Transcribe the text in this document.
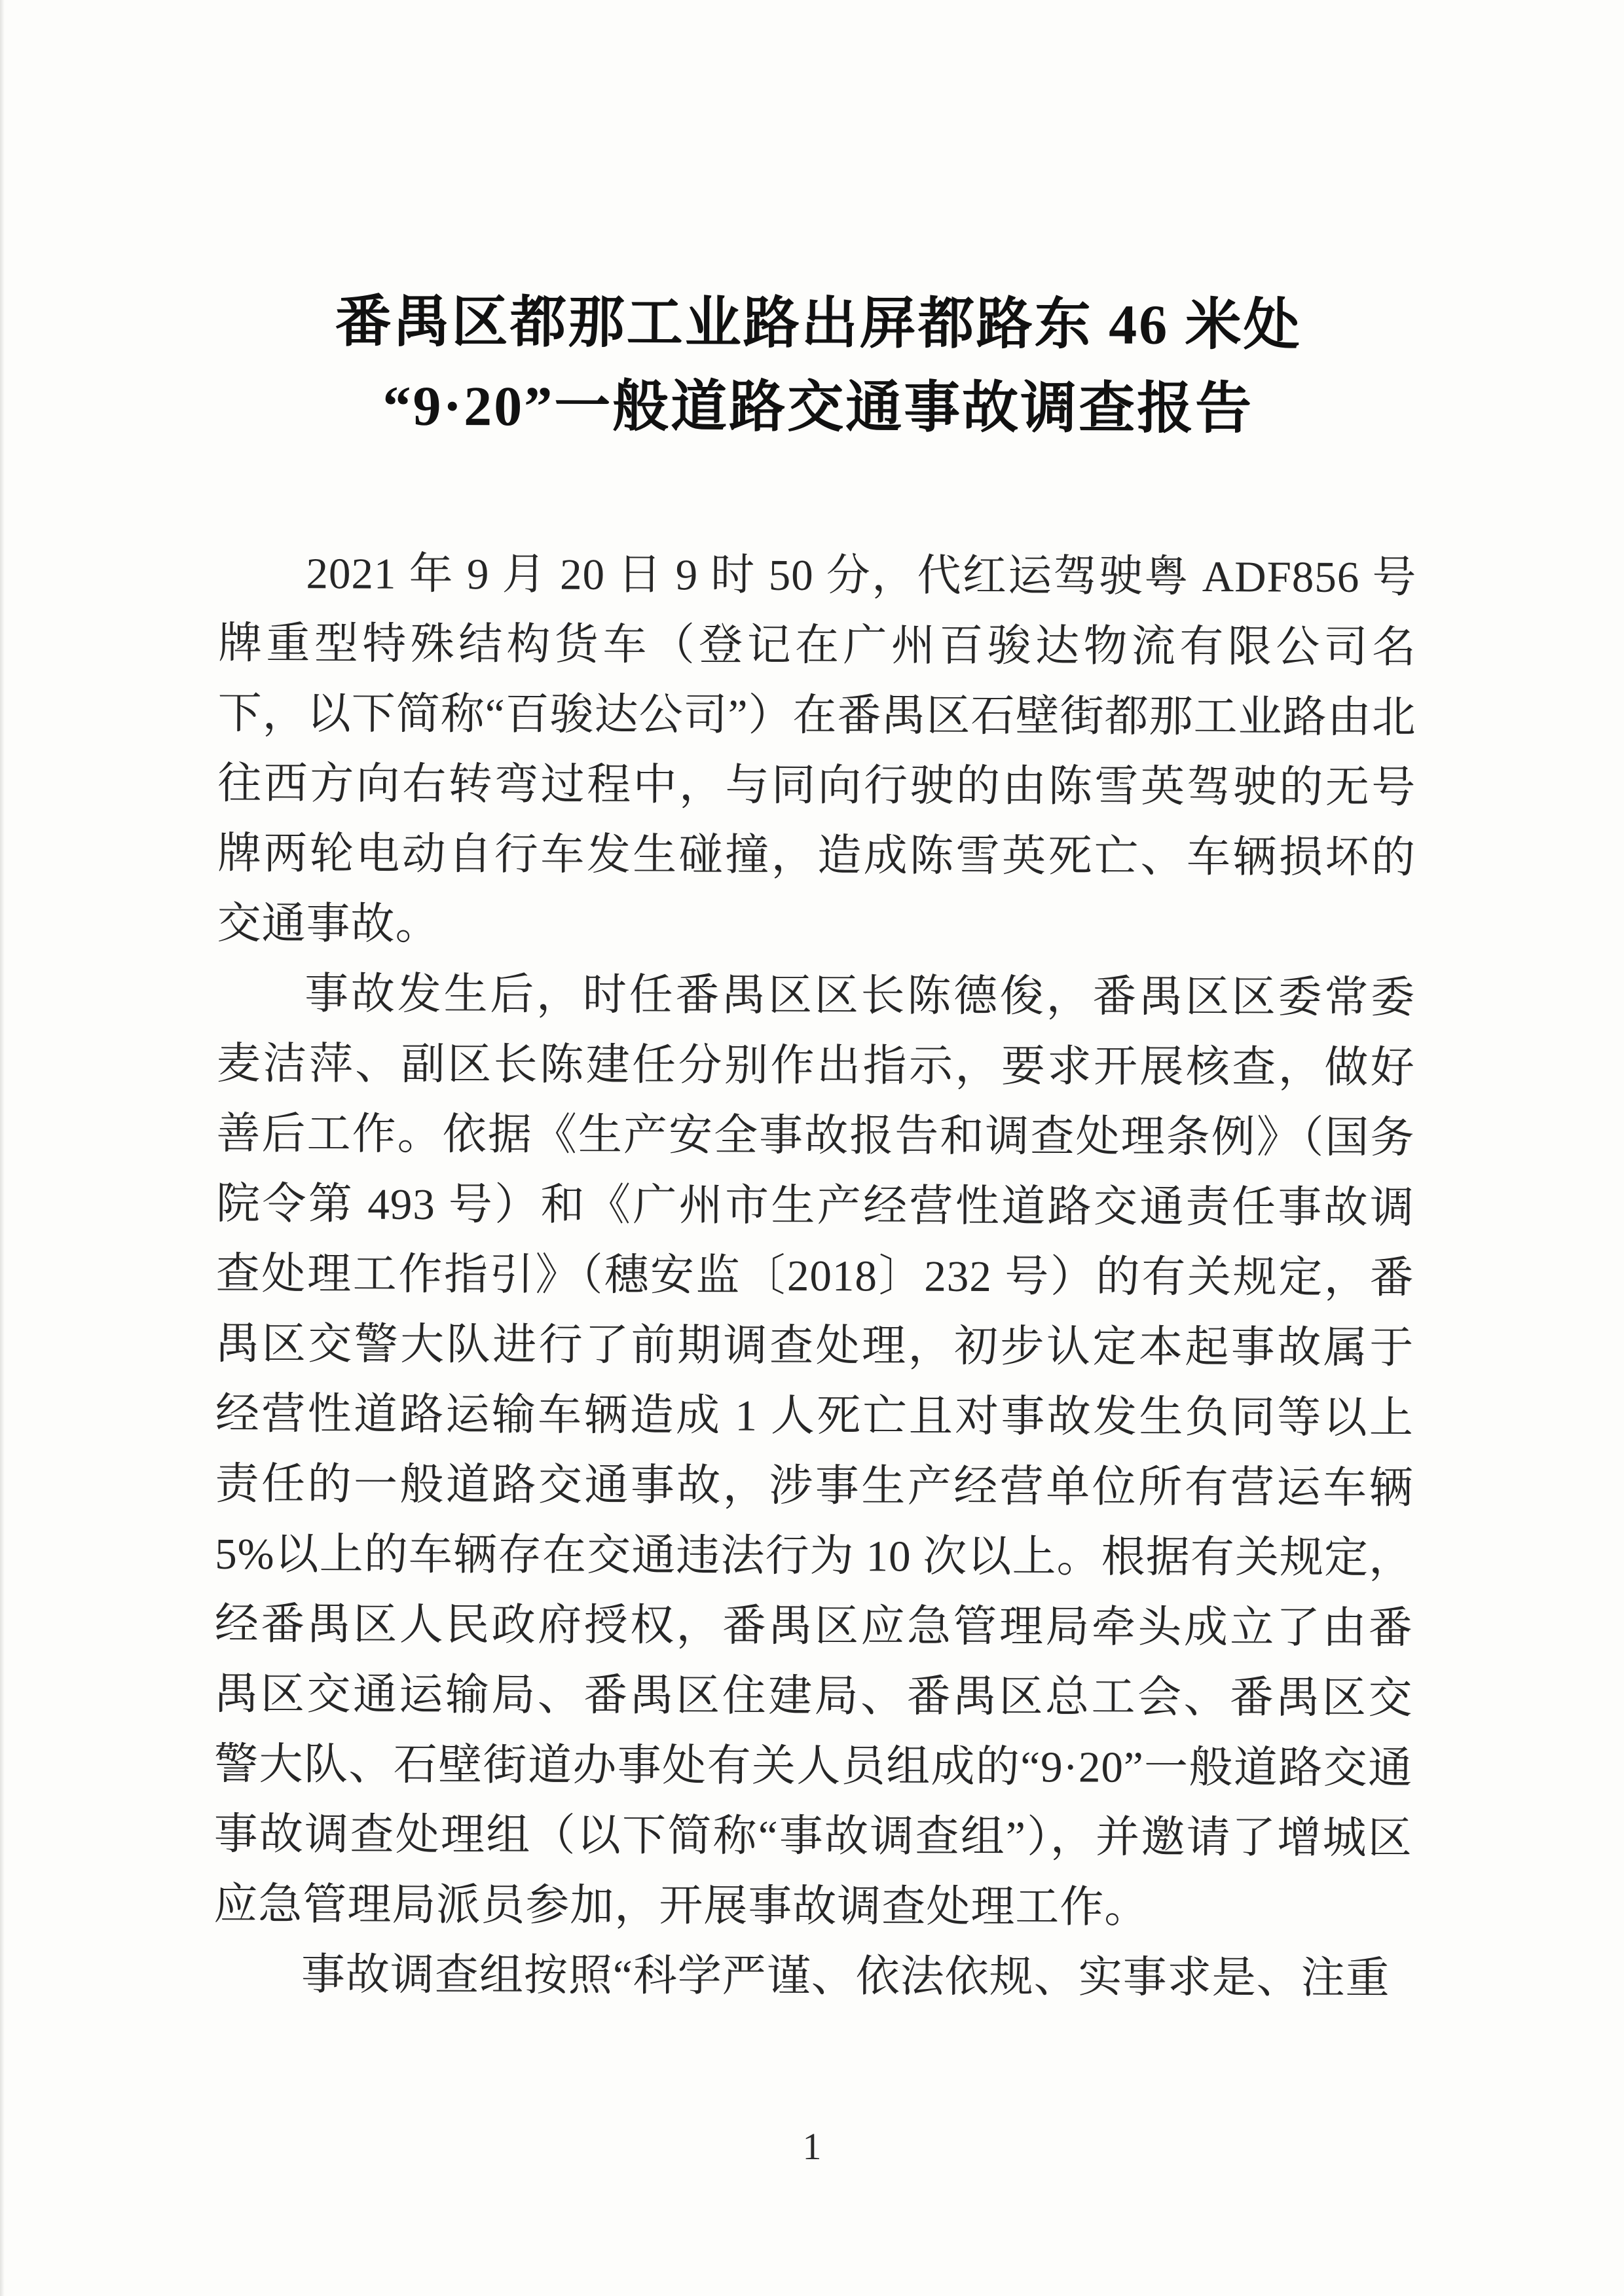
番禺区都那工业路出屏都路东 46 米处
“9·20”一般道路交通事故调查报告

2021 年 9 月 20 日 9 时 50 分，代红运驾驶粤 ADF856 号牌重型特殊结构货车（登记在广州百骏达物流有限公司名下，以下简称“百骏达公司”）在番禺区石壁街都那工业路由北往西方向右转弯过程中，与同向行驶的由陈雪英驾驶的无号牌两轮电动自行车发生碰撞，造成陈雪英死亡、车辆损坏的交通事故。

事故发生后，时任番禺区区长陈德俊，番禺区区委常委麦洁萍、副区长陈建任分别作出指示，要求开展核查，做好善后工作。依据《生产安全事故报告和调查处理条例》（国务院令第 493 号）和《广州市生产经营性道路交通责任事故调查处理工作指引》（穗安监〔2018〕232 号）的有关规定，番禺区交警大队进行了前期调查处理，初步认定本起事故属于经营性道路运输车辆造成 1 人死亡且对事故发生负同等以上责任的一般道路交通事故，涉事生产经营单位所有营运车辆 5%以上的车辆存在交通违法行为 10 次以上。根据有关规定，经番禺区人民政府授权，番禺区应急管理局牵头成立了由番禺区交通运输局、番禺区住建局、番禺区总工会、番禺区交警大队、石壁街道办事处有关人员组成的“9·20”一般道路交通事故调查处理组（以下简称“事故调查组”），并邀请了增城区应急管理局派员参加，开展事故调查处理工作。

事故调查组按照“科学严谨、依法依规、实事求是、注重

1
